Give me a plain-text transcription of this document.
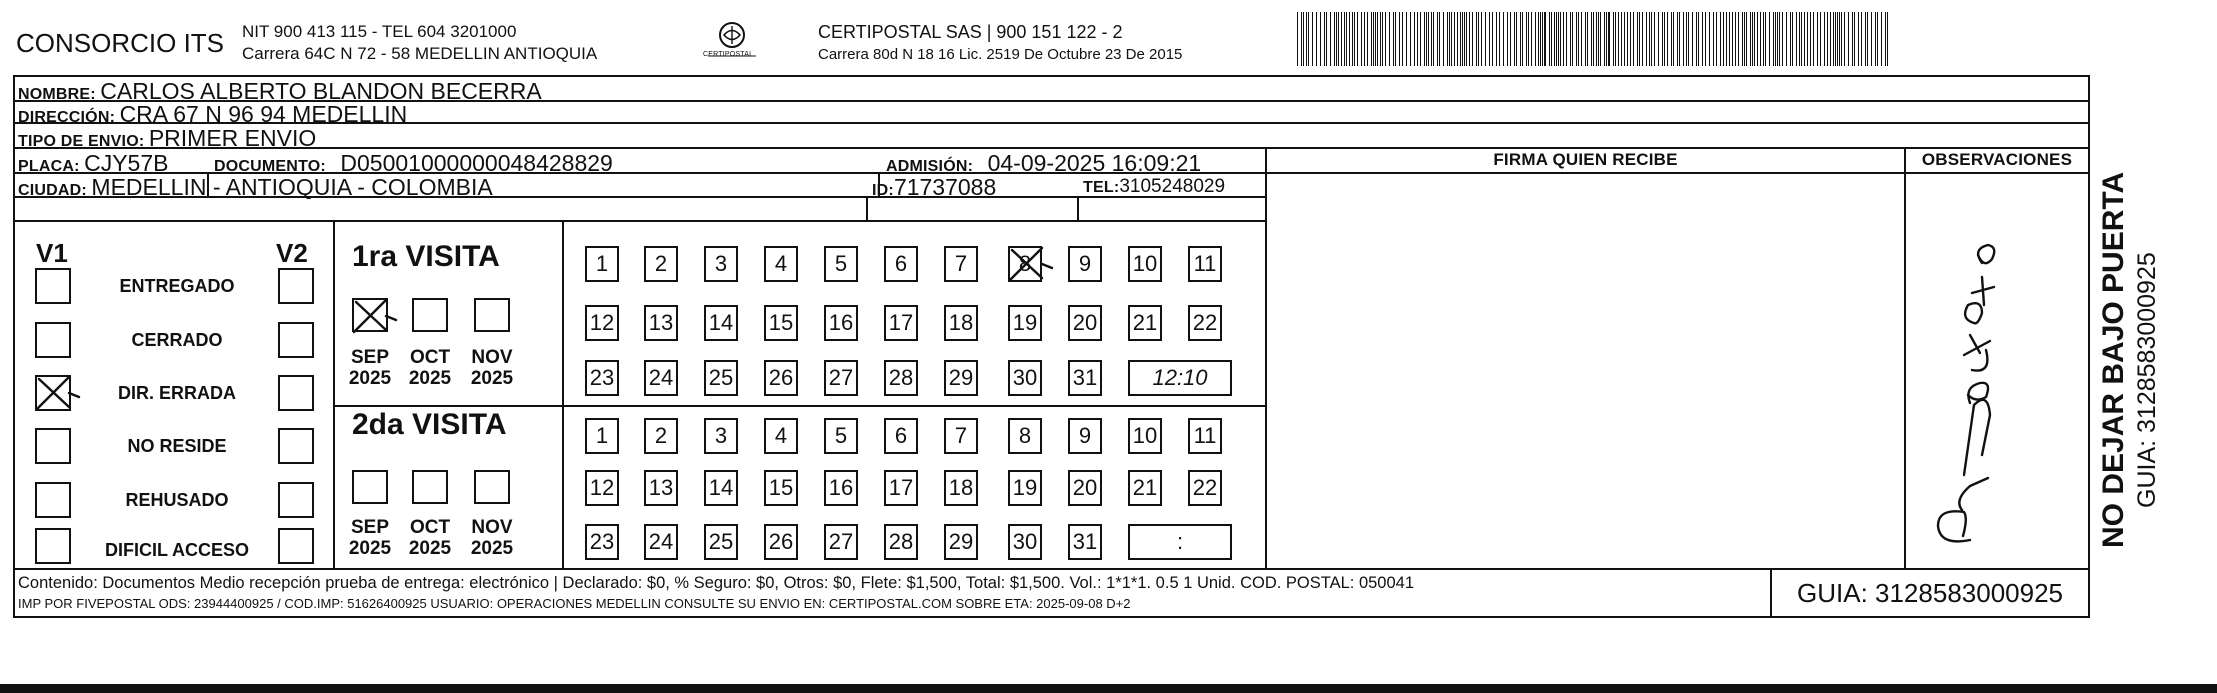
CONSORCIO ITS NIT 900 413 115 - TEL 604 3201000
Carrera 64C N 72 - 58 MEDELLIN ANTIOQUIA	CERTIPOSTAL
CERTIPOSTAL SAS | 900 151 122 - 2
Carrera 80d N 18 16 Lic. 2519 De Octubre 23 De 2015
NOMBRE: CARLOS ALBERTO BLANDON BECERRA
DIRECCIÓN: CRA 67 N 96 94 MEDELLIN
TIPO DE ENVIO: PRIMER ENVIO
PLACA: CJY57B	DOCUMENTO: D05001000000048428829	ADMISIÓN: 04-09-2025 16:09:21
CIUDAD: MEDELLIN - ANTIOQUIA - COLOMBIA	ID:71737088	TEL:3105248029
FIRMA QUIEN RECIBE	OBSERVACIONES
V1	V2
ENTREGADO
CERRADO
DIR. ERRADA
NO RESIDE
REHUSADO
DIFICIL ACCESO
1ra VISITA
2da VISITA
SEP
2025
OCT
2025
NOV
2025
SEP
2025
OCT
2025
NOV
2025
1	2	3	4	5	6	7	8	9	10 11
12 13 14 15 16 17 18 19 20 21 22
23 24 25 26 27 28 29 30 31	12:10
1	2	3	4	5	6	7	8	9	10 11
12 13 14 15 16 17 18 19 20 21 22
23 24 25 26 27 28 29 30 31	:	NO DEJAR BAJO PUERTA GUIA: 3128583000925
Contenido: Documentos Medio recepción prueba de entrega: electrónico | Declarado: $0, % Seguro: $0, Otros: $0, Flete: $1,500, Total: $1,500. Vol.: 1*1*1. 0.5 1 Unid. COD. POSTAL: 050041
IMP POR FIVEPOSTAL ODS: 23944400925 / COD.IMP: 51626400925 USUARIO: OPERACIONES MEDELLIN CONSULTE SU ENVIO EN: CERTIPOSTAL.COM SOBRE ETA: 2025-09-08 D+2	GUIA: 3128583000925
